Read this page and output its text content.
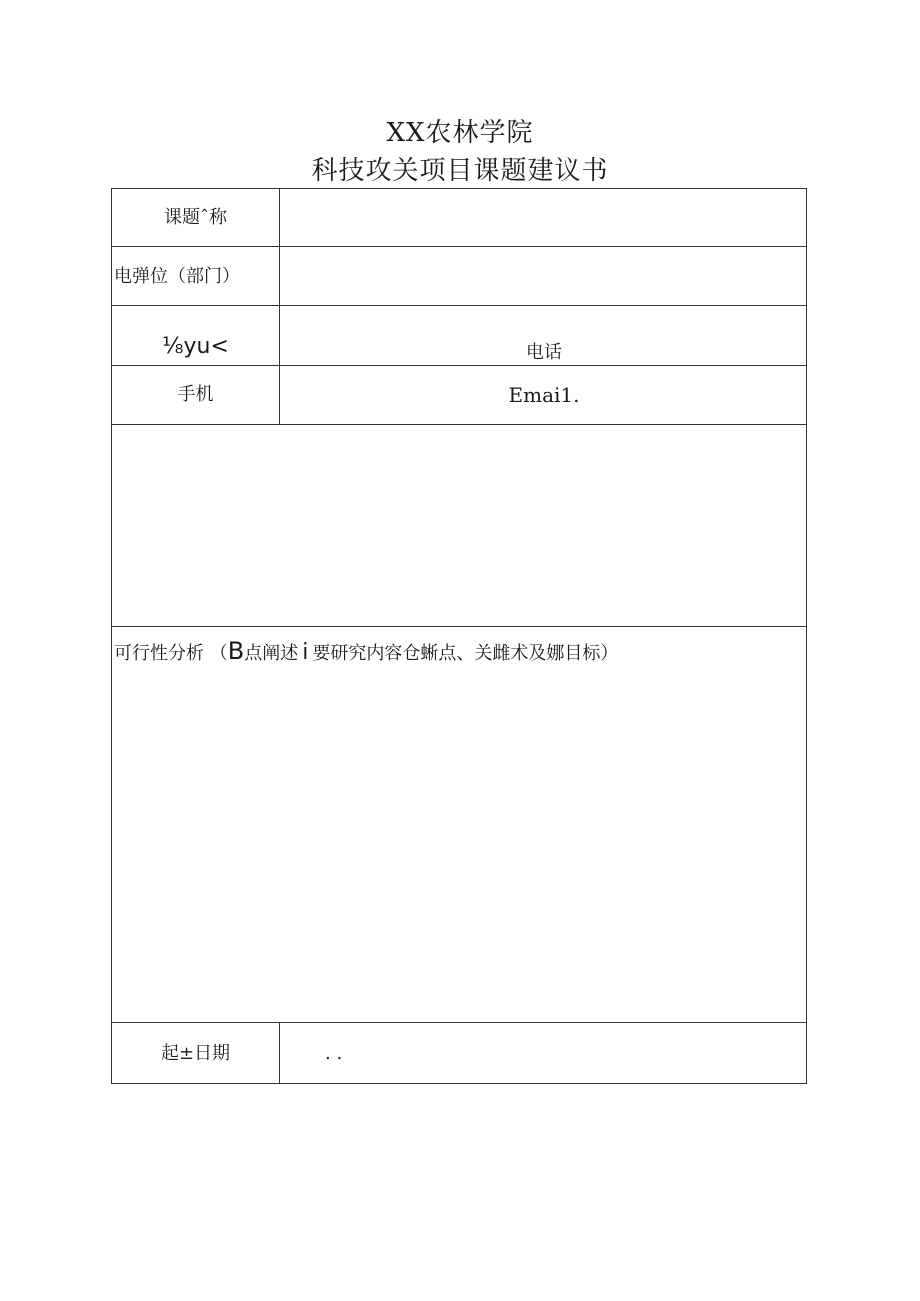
XX农林学院
科技攻关项目课题建议书
课题ˆ称
电弹位（部门）
⅛yu<	电话
手机	Emai1.
可行性分析 （B点阐述 i 要研究内容仓蜥点、关雌术及娜目标）
起±日期	. .
